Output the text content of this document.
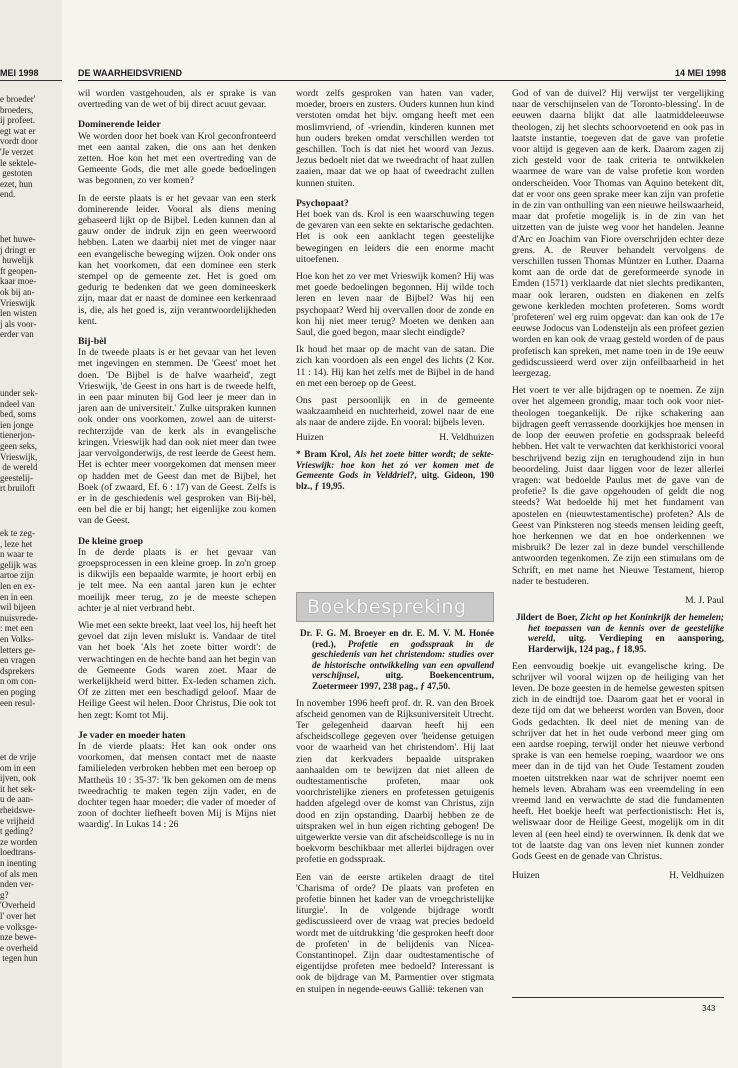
MEI 1998
e broeder'
broeders,
ij profeet.
egt wat er
vordt door
'Je verzet
le sektele-
gestoten
ezet, hun
end.
het huwe-
j dringt er
huwelijk
ft geopen-
kaar moe-
ok bij an-
Vrieswijk
len wisten
j als voor-
erder van
under sek-
ndeel van
bed, soms
ien jonge
tienerjon-
geen seks,
Vrieswijk,
de wereld
geestelij-
rt bruiloft
ek te zeg-
, leze het
n waar te
gelijk was
artoe zijn
len en ex-
en in een
wil bijeen
nuisvrede-
: met een
en Volks-
letters ge-
en vragen
dsprekers
n om con-
en poging
een resul-
et de vrije
om in een
ijven, ook
it het sek-
u de aan-
rheidswe-
e vrijheid
t geding?
ze worden
loedtrans-
n inenting
of als men
nden ver-
g?
'Overheid
l' over het
e volksge-
nze bewe-
e overheid
tegen hun
DE WAARHEIDSVRIEND	14 MEI 1998

wil worden vastgehouden, als er sprake is van overtreding van de wet of bij direct acuut gevaar.

Dominerende leider

We worden door het boek van Krol geconfronteerd met een aantal zaken, die ons aan het denken zetten. Hoe kon het met een overtreding van de Gemeente Gods, die met alle goede bedoelingen was begonnen, zo ver komen?

In de eerste plaats is er het gevaar van een sterk dominerende leider. Vooral als diens mening gebaseerd lijkt op de Bijbel. Leden kunnen dan al gauw onder de indruk zijn en geen weerwoord hebben. Laten we daarbij niet met de vinger naar een evangelische beweging wijzen. Ook onder ons kan het voorkomen, dat een dominee een sterk stempel op de gemeente zet. Het is goed om gedurig te bedenken dat we geen domineeskerk zijn, maar dat er naast de dominee een kerkenraad is, die, als het goed is, zijn verantwoordelijkheden kent.

Bij-bèl

In de tweede plaats is er het gevaar van het leven met ingevingen en stemmen. De 'Geest' moet het doen. 'De Bijbel is de halve waarheid', zegt Vrieswijk, 'de Geest in ons hart is de tweede helft, in een paar minuten bij God leer je meer dan in jaren aan de universiteit.' Zulke uitspraken kunnen ook onder ons voorkomen, zowel aan de uiterst-rechterzijde van de kerk als in evangelische kringen. Vrieswijk had dan ook niet meer dan twee jaar vervolgonderwijs, de rest leerde de Geest hem. Het is echter meer voorgekomen dat mensen meer op hadden met de Geest dan met de Bijbel, het Boek (of zwaard, Ef. 6 : 17) van de Geest. Zelfs is er in de geschiedenis wel gesproken van Bij-bèl, een bel die er bij hangt; het eigenlijke zou komen van de Geest.

De kleine groep

In de derde plaats is er het gevaar van groepsprocessen in een kleine groep. In zo'n groep is dikwijls een bepaalde warmte, je hoort erbij en je telt mee. Na een aantal jaren kun je echter moeilijk meer terug, zo je de meeste schepen achter je al niet verbrand hebt.

Wie met een sekte breekt, laat veel los, hij heeft het gevoel dat zijn leven mislukt is. Vandaar de titel van het boek 'Als het zoete bitter wordt': de verwachtingen en de hechte band aan het begin van de Gemeente Gods waren zoet. Maar de werkelijkheid werd bitter. Ex-leden schamen zich. Of ze zitten met een beschadigd geloof. Maar de Heilige Geest wil helen. Door Christus, Die ook tot hen zegt: Komt tot Mij.

Je vader en moeder haten

In de vierde plaats: Het kan ook onder ons voorkomen, dat mensen contact met de naaste familieleden verbroken hebben met een beroep op Mattheüs 10 : 35-37: 'Ik ben gekomen om de mens tweedrachtig te maken tegen zijn vader, en de dochter tegen haar moeder; die vader of moeder of zoon of dochter liefheeft boven Mij is Mijns niet waardig'. In Lukas 14 : 26

wordt zelfs gesproken van haten van vader, moeder, broers en zusters. Ouders kunnen hun kind verstoten omdat het bijv. omgang heeft met een moslimvriend, of -vriendin, kinderen kunnen met hun ouders breken omdat verschillen werden tot geschillen. Toch is dat niet het woord van Jezus. Jezus bedoelt niet dat we tweedracht of haat zullen zaaien, maar dat we op haat of tweedracht zullen kunnen stuiten.

Psychopaat?

Het boek van ds. Krol is een waarschuwing tegen de gevaren van een sekte en sektarische gedachten. Het is ook een aanklacht tegen geestelijke bewegingen en leiders die een enorme macht uitoefenen.

Hoe kon het zo ver met Vrieswijk komen? Hij was met goede bedoelingen begonnen. Hij wilde toch leren en leven naar de Bijbel? Was hij een psychopaat? Werd hij overvallen door de zonde en kon hij niet meer terug? Moeten we denken aan Saul, die goed begon, maar slecht eindigde?

Ik houd het maar op de macht van de satan. Die zich kan voordoen als een engel des lichts (2 Kor. 11 : 14). Hij kan het zelfs met de Bijbel in de hand en met een beroep op de Geest.

Ons past persoonlijk en in de gemeente waakzaamheid en nuchterheid, zowel naar de ene als naar de andere zijde. En vooral: bijbels leven.

Huizen	H. Veldhuizen

* Bram Krol, Als het zoete bitter wordt; de sekte-Vrieswijk: hoe kon het zó ver komen met de Gemeente Gods in Velddriel?, uitg. Gideon, 190 blz., ƒ 19,95.

Boekbespreking

Dr. F. G. M. Broeyer en dr. E. M. V. M. Honée (red.), Profetie en godsspraak in de geschiedenis van het christendom: studies over de historische ontwikkeling van een opvallend verschijnsel, uitg. Boekencentrum, Zoetermeer 1997, 238 pag., ƒ 47,50.

In november 1996 heeft prof. dr. R. van den Broek afscheid genomen van de Rijksuniversiteit Utrecht. Ter gelegenheid daarvan heeft hij een afscheidscollege gegeven over 'heidense getuigen voor de waarheid van het christendom'. Hij laat zien dat kerkvaders bepaalde uitspraken aanhaalden om te bewijzen dat niet alleen de oudtestamentische profeten, maar ook voorchristelijke zieners en profetessen getuigenis hadden afgelegd over de komst van Christus, zijn dood en zijn opstanding. Daarbij hebben ze de uitspraken wel in hun eigen richting gebogen! De uitgewerkte versie van dit afscheidscollege is nu in boekvorm beschikbaar met allerlei bijdragen over profetie en godsspraak.

Een van de eerste artikelen draagt de titel 'Charisma of orde? De plaats van profeten en profetie binnen het kader van de vroegchristelijke liturgie'. In de volgende bijdrage wordt gediscussieerd over de vraag wat precies bedoeld wordt met de uitdrukking 'die gesproken heeft door de profeten' in de belijdenis van Nicea-Constantinopel. Zijn daar oudtestamentische of eigentijdse profeten mee bedoeld? Interessant is ook de bijdrage van M. Parmentier over stigmata en stuipen in negende-eeuws Gallië: tekenen van

God of van de duivel? Hij verwijst ter vergelijking naar de verschijnselen van de 'Toronto-blessing'. In de eeuwen daarna blijkt dat alle laatmiddeleeuwse theologen, zij het slechts schoorvoetend en ook pas in laatste instantie, toegeven dat de gave van profetie voor altijd is gegeven aan de kerk. Daarom zagen zij zich gesteld voor de taak criteria te ontwikkelen waarmee de ware van de valse profetie kon worden onderscheiden. Voor Thomas van Aquino betekent dit, dat er voor ons geen sprake meer kan zijn van profetie in de zin van onthulling van een nieuwe heilswaarheid, maar dat profetie mogelijk is in de zin van het uitzetten van de juiste weg voor het handelen. Jeanne d'Arc en Joachim van Fiore overschrijden echter deze grens. A. de Reuver behandelt vervolgens de verschillen tussen Thomas Müntzer en Luther. Daarna komt aan de orde dat de gereformeerde synode in Emden (1571) verklaarde dat niet slechts predikanten, maar ook leraren, oudsten en diakenen en zelfs gewone kerkleden mochten profeteren. Soms wordt 'profeteren' wel erg ruim opgevat: dan kan ook de 17e eeuwse Jodocus van Lodensteijn als een profeet gezien worden en kan ook de vraag gesteld worden of de paus profetisch kan spreken, met name toen in de 19e eeuw gedidscussieerd werd over zijn onfeilbaarheid in het leergezag.

Het voert te ver alle bijdragen op te noemen. Ze zijn over het algemeen grondig, maar toch ook voor niet-theologen toegankelijk. De rijke schakering aan bijdragen geeft verrassende doorkijkjes hoe mensen in de loop der eeuwen profetie en godsspraak beleefd hebben. Het valt te verwachten dat kerkhistorici vooral beschrijvend bezig zijn en terughoudend zijn in hun beoordeling. Juist daar liggen voor de lezer allerlei vragen: wat bedoelde Paulus met de gave van de profetie? Is die gave opgehouden of geldt die nog steeds? Wat bedoelde hij met het fundament van apostelen en (nieuwtestamentische) profeten? Als de Geest van Pinksteren nog steeds mensen leiding geeft, hoe herkennen we dat en hoe onderkennen we misbruik? De lezer zal in deze bundel verschillende antwoorden tegenkomen. Ze zijn een stimulans om de Schrift, en met name het Nieuwe Testament, hierop nader te bestuderen.

M. J. Paul

Jildert de Boer, Zicht op het Koninkrijk der hemelen; het toepassen van de kennis over de geestelijke wereld, uitg. Verdieping en aansporing, Harderwijk, 124 pag., ƒ 18,95.

Een eenvoudig boekje uit evangelische kring. De schrijver wil vooral wijzen op de heiliging van het leven. De boze geesten in de hemelse gewesten spitsen zich in de eindtijd toe. Daarom gaat het er vooral in deze tijd om dat we beheerst worden van Boven, door Gods gedachten. Ik deel niet de mening van de schrijver dat het in het oude verbond meer ging om een aardse roeping, terwijl onder het nieuwe verbond sprake is van een hemelse roeping, waardoor we ons meer dan in de tijd van het Oude Testament zouden moeten uitstrekken naar wat de schrijver noemt een hemels leven. Abraham was een vreemdeling in een vreemd land en verwachtte de stad die fundamenten heeft. Het boekje heeft wat perfectionistisch: Het is, weliswaar door de Heilige Geest, mogelijk om in dit leven al (een heel eind) te overwinnen. Ik denk dat we tot de laatste dag van ons leven niet kunnen zonder Gods Geest en de genade van Christus.

Huizen	H. Veldhuizen
343
